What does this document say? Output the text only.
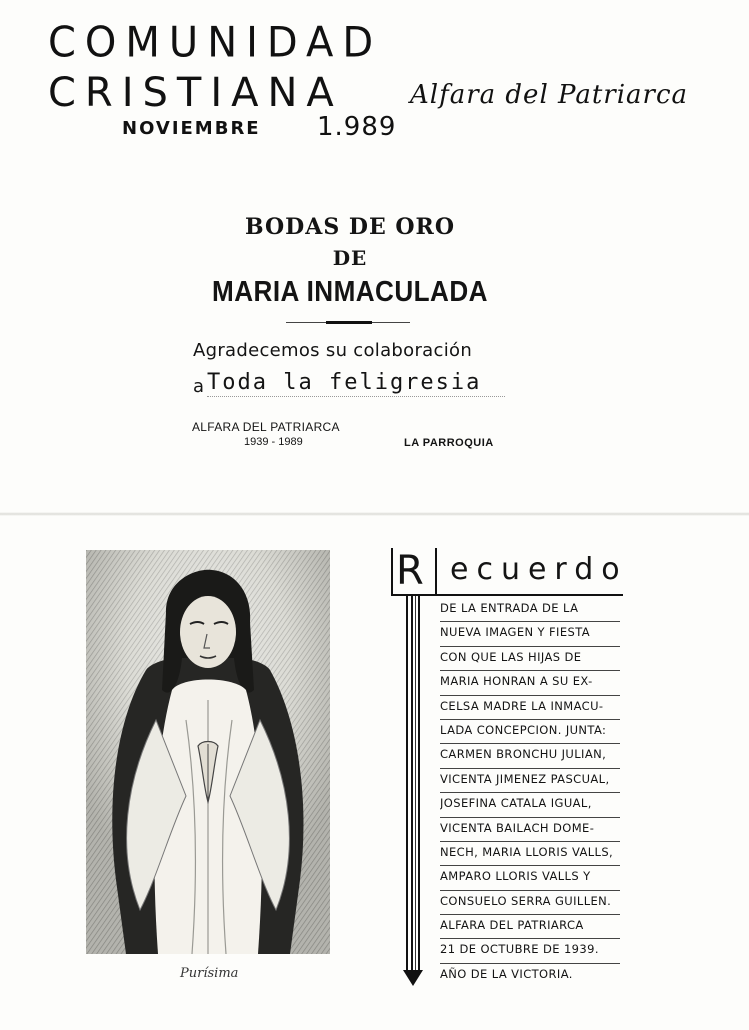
COMUNIDAD
CRISTIANA	Alfara del Patriarca
NOVIEMBRE 1.989
BODAS DE ORO
DE
MARIA INMACULADA
Agradecemos su colaboración
a Toda la feligresia
ALFARA DEL PATRIARCA
1939 - 1989	LA PARROQUIA
Purísima
R ecuerdo
DE LA ENTRADA DE LA
NUEVA IMAGEN Y FIESTA
CON QUE LAS HIJAS DE
MARIA HONRAN A SU EX-
CELSA MADRE LA INMACU-
LADA CONCEPCION. JUNTA:
CARMEN BRONCHU JULIAN,
VICENTA JIMENEZ PASCUAL,
JOSEFINA CATALA IGUAL,
VICENTA BAILACH DOME-
NECH, MARIA LLORIS VALLS,
AMPARO LLORIS VALLS Y
CONSUELO SERRA GUILLEN.
ALFARA DEL PATRIARCA
21 DE OCTUBRE DE 1939.
AÑO DE LA VICTORIA.
